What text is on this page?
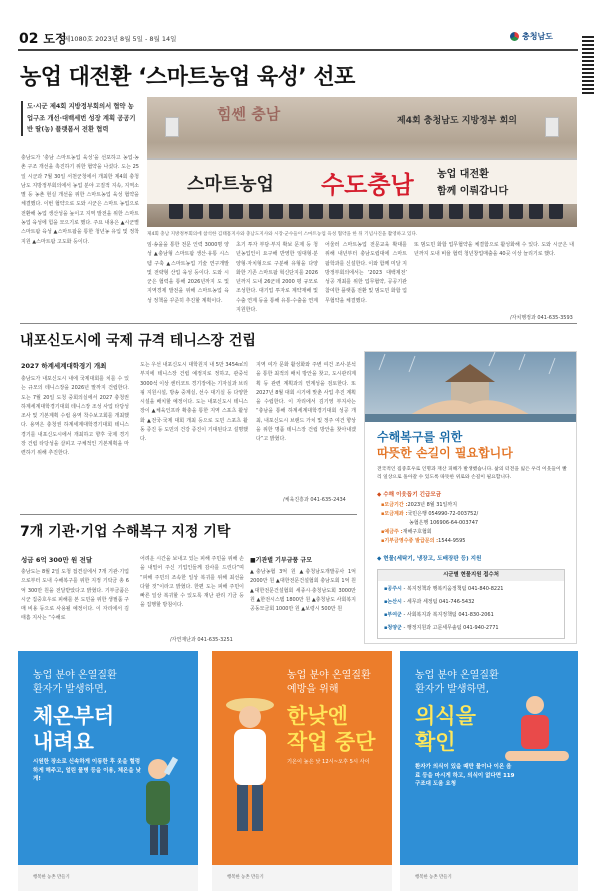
02 도정
제1080호 2023년 8월 5일 - 8월 14일	충청남도
농업 대전환 ‘스마트농업 육성’ 선포
도·시군 제4회 지방정부회의서 협약 농업구조 개선·대백세번 성장 계획 공공기반 딸(농) 플랫폼서 전환 협력
힘쎈 충남	제4회 충청남도 지방정부 회의
스마트농업 수도충남 농업 대전환
함께 이뤄갑니다
제4회 충남 지방정부회의에 참석한 김태흠지사와 충남도지사와 시장·군수들이 스마트농업 육성 협약을 한 뒤 기념사진을 촬영하고 있다.
충남도가 ‘충남 스마트농업 육성’을 선포하고 농업·농촌 구조 개선을 촉진하기 위한 협약을 나섰다. 도는 25일 시군과 7월 30일 서천군청에서 개최한 제4회 충청남도 지방정부회의에서 농업 분야 고질적 지속, 지역소멸 등 농촌 현실 개선을 위한 스마트농업 육성 협약을 체결했다. 이번 협약으로 도와 시군은 스마트 농업으로 전환해 농업 생산성을 높이고 지역 발전을 위한 스마트농업 육성에 힘을 모으기로 했다. 주요 내용은 ▲시군별 스마트팜 육성 ▲스마트팜을 통한 청년농 유입 및 정착 지원 ▲스마트팜 고도화 등이다.
임·송을을 통한 전문 인력 3000명 양성 ▲충남형 스마트팜 생산·유통 시스템 구축 ▲스마트농업 기술 연구개발 및 전략형 산업 육성 등이다. 도와 시군은 협력을 통해 2026년까지 도 및 지역경제 발전을 위해 스마트농업 육성 정책을 꾸준히 추진할 계획이다.
초기 투자 부담·부지 확보 문제 등 청년농업인이 요구해 반영한 임대형·분양형·자치형으로 구분해 유형을 다양화한 기존 스마트팜 혁신단지를 2026년까지 도내 26군데 2000 평 규모로 조성한다. 대기업 투자로 계약재배 및 수출 연계 등을 통해 유통·수출을 연계 지원한다.
어울러 스마트농업 전문교육 확대를 위해 내년부터 충남도립대에 스마트 팜학과를 신설한다. 이와 함께 미달 지방정부회의에서는 ‘2023 대백제전’ 성공 개최를 위한 업무협약, 공공기관 참여한 플랫폼 전환 및 범도민 화합 업무협약을 체결했다.
또 범도민 화합 업무협약을 체결함으로 활성화해 수 있다. 도와 시군은 내년까지 도내 비율 협력 청년창업매출을 40곳 이상 늘리기로 했다.
/자치행정과 041-635-3593
내포신도시에 국제 규격 테니스장 건립
2027 하계세계대학경기 개최
충남도가 내포신도시 내에 국제대회를 치를 수 있는 규모의 테니스장을 2026년 말까지 건립한다. 도는 7월 20일 도청 중회의실에서 2027 충청권 하계세계대학경기대회 테니스장 조성 사업 타당성 조사 및 기본계획 수립 용역 착수보고회를 개최했다. 용역은 충청권 하계세계대학경기대회 테니스 경기를 내포신도시에서 개최하고 향후 국제 경기장 건립 타당성을 살피고 구체적인 기본계획을 마련하기 위해 추진한다.
도는 우선 내포신도시 대학원지 내 5만 3454㎡의 부지에 테니스장 건립 예정지로 정하고, 관중석 3000석 이상 센터코트 경기장에는 기자실과 브리핑 지원시설, 방송 중계실, 선수 대기실 등 다양한 시설을 배치할 예정이다. 도는 내포신도시 테니스장이 ▲체육인프라 확충을 통한 지역 스포츠 활성화 ▲전국·국제 대회 개최 등으로 도민 스포츠 활동 증진 등 도민의 건강 증진이 기대된다고 설명했다.
지역 여가 문화 활성화와 주변 여건 조사·분석을 통한 최적의 배치 방안을 찾고, 도시관리계획 등 관련 계획과의 연계성을 검토한다. 또 2027년 8월 대회 시기에 맞춘 사업 추진 계획을 수립한다. 이 자리에서 김기영 부지사는 “충남을 통해 하계세계대학경기대회 성공 개최, 내포신도시 브랜드 가치 및 정주 여건 향상을 위한 명품 테니스장 건립 방안을 찾아내겠다”고 밝혔다.
/체육진흥과 041-635-2434
수해복구를 위한
따뜻한 손길이 필요합니다
전국적인 집중호우로 인명과 재산 피해가 발생했습니다. 삶의 터전을 잃은 우리 이웃들이 빨리 일상으로 돌아갈 수 있도록 따뜻한 위로와 손길이 필요합니다.
◆ 수해 이웃돕기 긴급모금
▪모금기간 :2023년 8월 31일까지
▪모금계좌 :국민은행 054990-72-003752/
농협은행 106906-64-003747
▪예금주 :재해구호협회
▪기부금영수증 발급문의 :1544-9595
◆ 현물(세탁기, 냉장고, 도배장판 등) 지원
시군별 현물지원 접수처
▪공주시 - 복지정책과 행복키움정책팀 041-840-8221
▪논산시 - 세무과 세정팀 041-746-5432
▪부여군 - 사회복지과 복지정책팀 041-830-2061
▪청양군 - 행정지원과 고문세무솔팀 041-940-2771
7개 기관·기업 수해복구 지정 기탁
성금 6억 300만 원 전달
충남도는 8월 2일 도청 접견실에서 7개 기관·기업으로부터 도내 수해복구를 위한 지정 기탁금 총 6억 300만 원을 전달받았다고 밝혔다. 기부금품은 시군 집중호우로 피해를 본 도민을 위한 생필품 구매 비용 등으로 사용될 예정이다. 이 자리에서 김태흠 지사는 “수해로
어려운 시간을 보내고 있는 피해 주민을 위해 손을 내밀어 주신 기업인들께 감사를 드린다”며 “피해 주민의 조속한 일상 복귀를 위해 최선을 다할 것”이라고 밝혔다. 한편 도는 피해 주민이 빠른 일상 복귀할 수 있도록 재난 관리 기금 등을 집행할 방침이다.
/자연재난과 041-635-3251
■기관별 기부금품 규모
▲충남농협 3억 원 ▲충청남도개발공사 1억 2000만 원 ▲대한전문건설협회 충남도회 1억 원 ▲대한전문건설협회 세종시·충청남도회 3000만 원 ▲한전시스템 1800만 원 ▲충청남도 사회복지공동모금회 1000만 원 ▲보령시 500만 원
농업 분야 온열질환
환자가 발생하면,
체온부터
내려요
시원한 장소로 신속하게 이동한 후 옷을 헐렁하게 해주고, 얼린 물병 등을 이용, 체온을 낮게!
행복한 농촌 만들기
농업 분야 온열질환
예방을 위해
한낮엔
작업 중단
기온이 높은 낮 12시~오후 5시 사이
행복한 농촌 만들기
농업 분야 온열질환
환자가 발생하면,
의식을
확인
환자가 의식이 있을 때만 물이나 이온 음료 등을 마시게 하고, 의식이 없다면 119구조대 도움 요청
행복한 농촌 만들기
